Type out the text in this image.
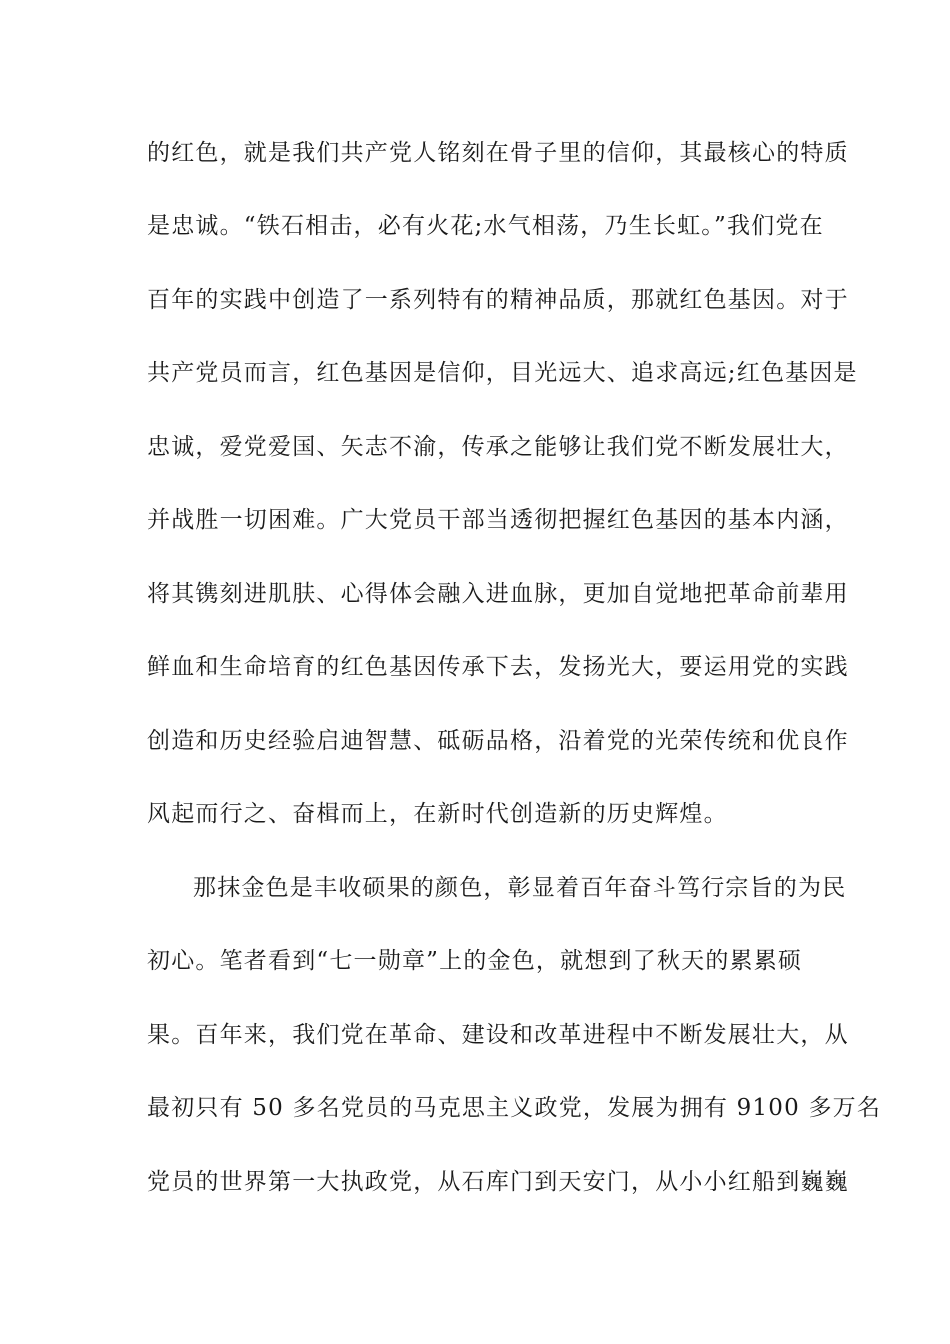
的红色，就是我们共产党人铭刻在骨子里的信仰，其最核心的特质
是忠诚。“铁石相击，必有火花;水气相荡，乃生长虹。”我们党在
百年的实践中创造了一系列特有的精神品质，那就红色基因。对于
共产党员而言，红色基因是信仰，目光远大、追求高远;红色基因是
忠诚，爱党爱国、矢志不渝，传承之能够让我们党不断发展壮大，
并战胜一切困难。广大党员干部当透彻把握红色基因的基本内涵，
将其镌刻进肌肤、心得体会融入进血脉，更加自觉地把革命前辈用
鲜血和生命培育的红色基因传承下去，发扬光大，要运用党的实践
创造和历史经验启迪智慧、砥砺品格，沿着党的光荣传统和优良作
风起而行之、奋楫而上，在新时代创造新的历史辉煌。
那抹金色是丰收硕果的颜色，彰显着百年奋斗笃行宗旨的为民
初心。笔者看到“七一勋章”上的金色，就想到了秋天的累累硕
果。百年来，我们党在革命、建设和改革进程中不断发展壮大，从
最初只有 50 多名党员的马克思主义政党，发展为拥有 9100 多万名
党员的世界第一大执政党，从石库门到天安门，从小小红船到巍巍
